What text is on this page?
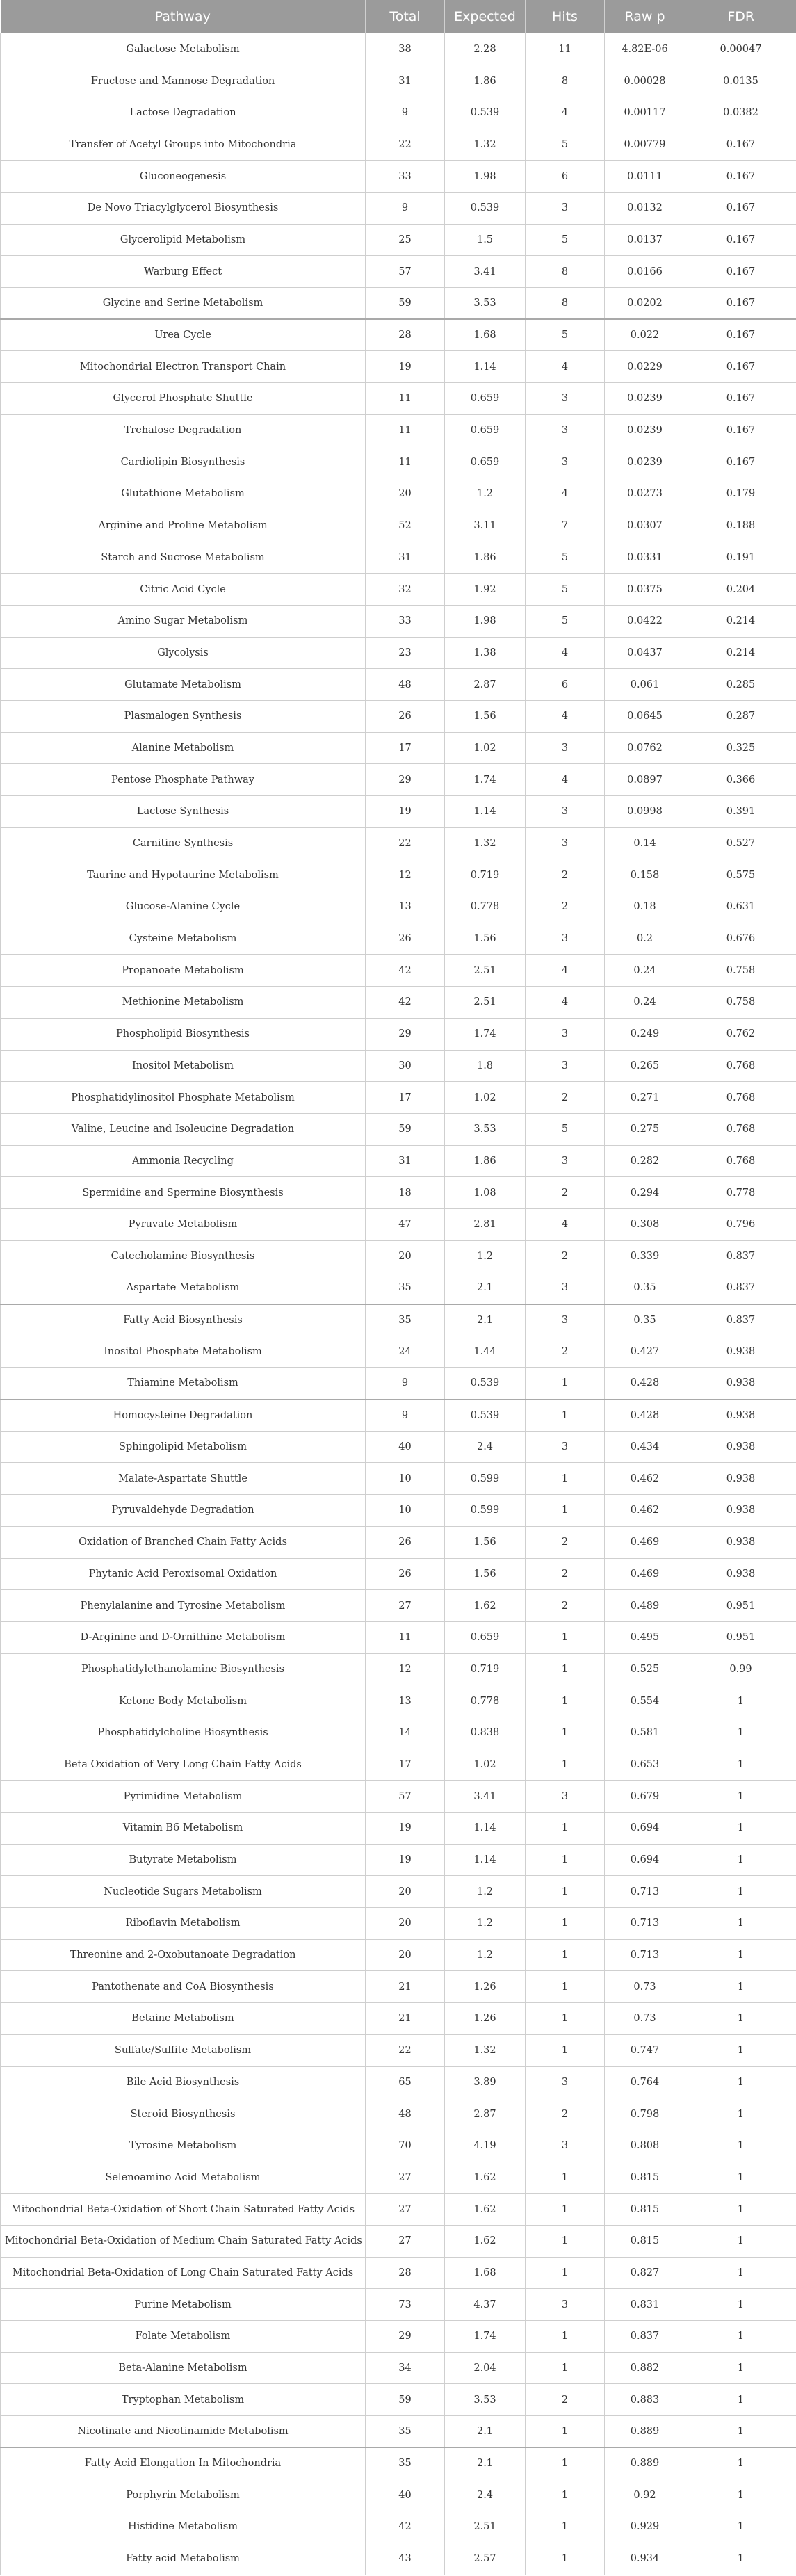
Pathway	Total	Expected	Hits	Raw p	FDR
Galactose Metabolism	38	2.28	11	4.82E-06	0.00047
Fructose and Mannose Degradation	31	1.86	8	0.00028	0.0135
Lactose Degradation	9	0.539	4	0.00117	0.0382
Transfer of Acetyl Groups into Mitochondria	22	1.32	5	0.00779	0.167
Gluconeogenesis	33	1.98	6	0.0111	0.167
De Novo Triacylglycerol Biosynthesis	9	0.539	3	0.0132	0.167
Glycerolipid Metabolism	25	1.5	5	0.0137	0.167
Warburg Effect	57	3.41	8	0.0166	0.167
Glycine and Serine Metabolism	59	3.53	8	0.0202	0.167
Urea Cycle	28	1.68	5	0.022	0.167
Mitochondrial Electron Transport Chain	19	1.14	4	0.0229	0.167
Glycerol Phosphate Shuttle	11	0.659	3	0.0239	0.167
Trehalose Degradation	11	0.659	3	0.0239	0.167
Cardiolipin Biosynthesis	11	0.659	3	0.0239	0.167
Glutathione Metabolism	20	1.2	4	0.0273	0.179
Arginine and Proline Metabolism	52	3.11	7	0.0307	0.188
Starch and Sucrose Metabolism	31	1.86	5	0.0331	0.191
Citric Acid Cycle	32	1.92	5	0.0375	0.204
Amino Sugar Metabolism	33	1.98	5	0.0422	0.214
Glycolysis	23	1.38	4	0.0437	0.214
Glutamate Metabolism	48	2.87	6	0.061	0.285
Plasmalogen Synthesis	26	1.56	4	0.0645	0.287
Alanine Metabolism	17	1.02	3	0.0762	0.325
Pentose Phosphate Pathway	29	1.74	4	0.0897	0.366
Lactose Synthesis	19	1.14	3	0.0998	0.391
Carnitine Synthesis	22	1.32	3	0.14	0.527
Taurine and Hypotaurine Metabolism	12	0.719	2	0.158	0.575
Glucose-Alanine Cycle	13	0.778	2	0.18	0.631
Cysteine Metabolism	26	1.56	3	0.2	0.676
Propanoate Metabolism	42	2.51	4	0.24	0.758
Methionine Metabolism	42	2.51	4	0.24	0.758
Phospholipid Biosynthesis	29	1.74	3	0.249	0.762
Inositol Metabolism	30	1.8	3	0.265	0.768
Phosphatidylinositol Phosphate Metabolism	17	1.02	2	0.271	0.768
Valine, Leucine and Isoleucine Degradation	59	3.53	5	0.275	0.768
Ammonia Recycling	31	1.86	3	0.282	0.768
Spermidine and Spermine Biosynthesis	18	1.08	2	0.294	0.778
Pyruvate Metabolism	47	2.81	4	0.308	0.796
Catecholamine Biosynthesis	20	1.2	2	0.339	0.837
Aspartate Metabolism	35	2.1	3	0.35	0.837
Fatty Acid Biosynthesis	35	2.1	3	0.35	0.837
Inositol Phosphate Metabolism	24	1.44	2	0.427	0.938
Thiamine Metabolism	9	0.539	1	0.428	0.938
Homocysteine Degradation	9	0.539	1	0.428	0.938
Sphingolipid Metabolism	40	2.4	3	0.434	0.938
Malate-Aspartate Shuttle	10	0.599	1	0.462	0.938
Pyruvaldehyde Degradation	10	0.599	1	0.462	0.938
Oxidation of Branched Chain Fatty Acids	26	1.56	2	0.469	0.938
Phytanic Acid Peroxisomal Oxidation	26	1.56	2	0.469	0.938
Phenylalanine and Tyrosine Metabolism	27	1.62	2	0.489	0.951
D-Arginine and D-Ornithine Metabolism	11	0.659	1	0.495	0.951
Phosphatidylethanolamine Biosynthesis	12	0.719	1	0.525	0.99
Ketone Body Metabolism	13	0.778	1	0.554	1
Phosphatidylcholine Biosynthesis	14	0.838	1	0.581	1
Beta Oxidation of Very Long Chain Fatty Acids	17	1.02	1	0.653	1
Pyrimidine Metabolism	57	3.41	3	0.679	1
Vitamin B6 Metabolism	19	1.14	1	0.694	1
Butyrate Metabolism	19	1.14	1	0.694	1
Nucleotide Sugars Metabolism	20	1.2	1	0.713	1
Riboflavin Metabolism	20	1.2	1	0.713	1
Threonine and 2-Oxobutanoate Degradation	20	1.2	1	0.713	1
Pantothenate and CoA Biosynthesis	21	1.26	1	0.73	1
Betaine Metabolism	21	1.26	1	0.73	1
Sulfate/Sulfite Metabolism	22	1.32	1	0.747	1
Bile Acid Biosynthesis	65	3.89	3	0.764	1
Steroid Biosynthesis	48	2.87	2	0.798	1
Tyrosine Metabolism	70	4.19	3	0.808	1
Selenoamino Acid Metabolism	27	1.62	1	0.815	1
Mitochondrial Beta-Oxidation of Short Chain Saturated Fatty Acids	27	1.62	1	0.815	1
Mitochondrial Beta-Oxidation of Medium Chain Saturated Fatty Acids	27	1.62	1	0.815	1
Mitochondrial Beta-Oxidation of Long Chain Saturated Fatty Acids	28	1.68	1	0.827	1
Purine Metabolism	73	4.37	3	0.831	1
Folate Metabolism	29	1.74	1	0.837	1
Beta-Alanine Metabolism	34	2.04	1	0.882	1
Tryptophan Metabolism	59	3.53	2	0.883	1
Nicotinate and Nicotinamide Metabolism	35	2.1	1	0.889	1
Fatty Acid Elongation In Mitochondria	35	2.1	1	0.889	1
Porphyrin Metabolism	40	2.4	1	0.92	1
Histidine Metabolism	42	2.51	1	0.929	1
Fatty acid Metabolism	43	2.57	1	0.934	1
